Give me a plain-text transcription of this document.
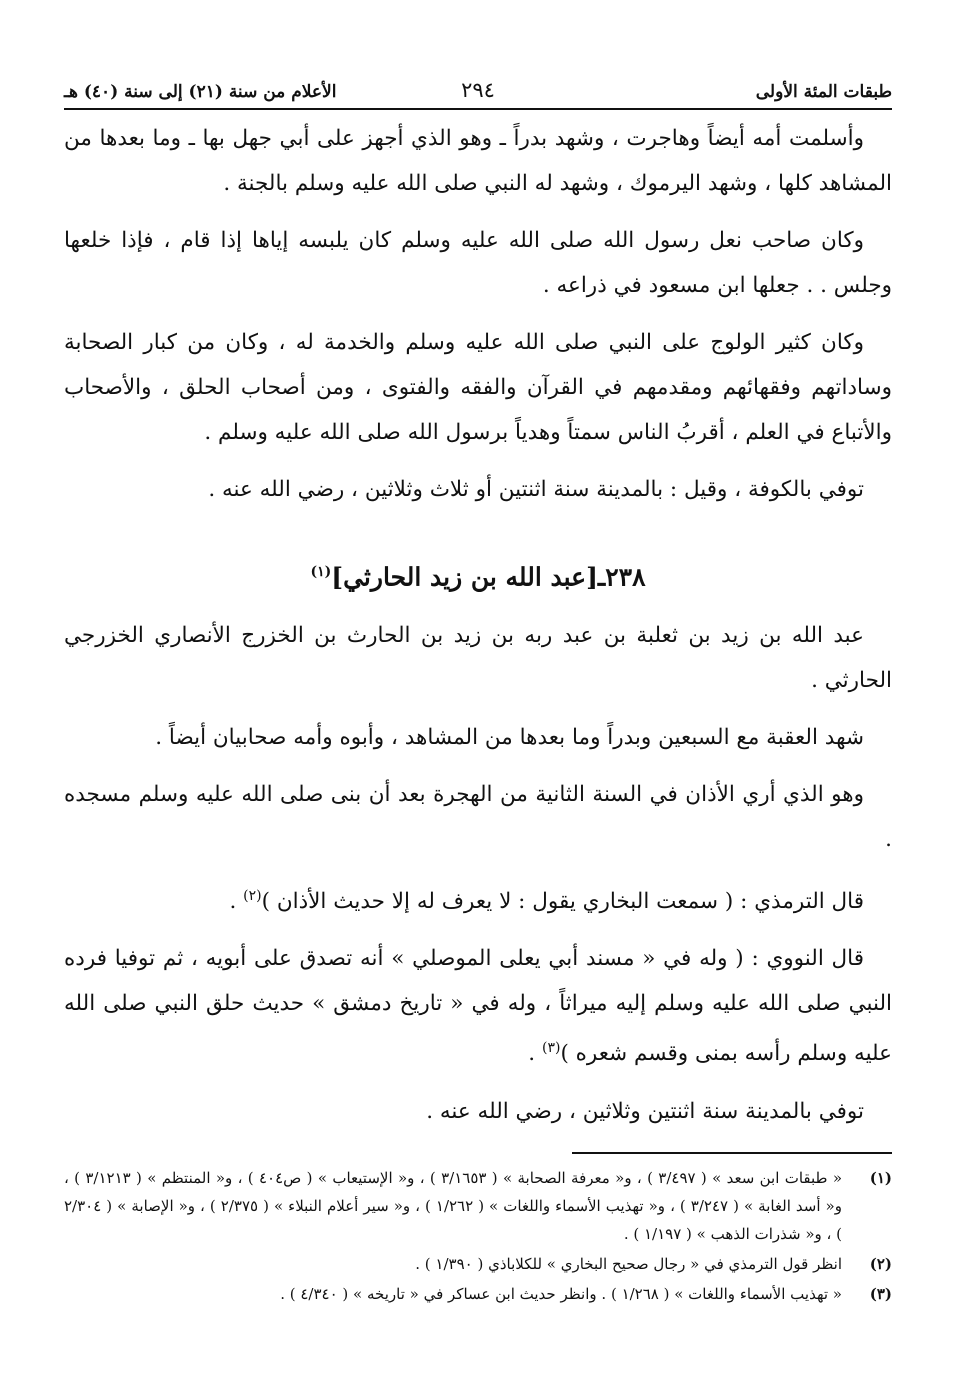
طبقات المئة الأولى
٢٩٤
الأعلام من سنة (٢١) إلى سنة (٤٠) هـ

وأسلمت أمه أيضاً وهاجرت ، وشهد بدراً ـ وهو الذي أجهز على أبي جهل بها ـ وما بعدها من المشاهد كلها ، وشهد اليرموك ، وشهد له النبي صلى الله عليه وسلم بالجنة .

وكان صاحب نعل رسول الله صلى الله عليه وسلم كان يلبسه إياها إذا قام ، فإذا خلعها وجلس . . جعلها ابن مسعود في ذراعه .

وكان كثير الولوج على النبي صلى الله عليه وسلم والخدمة له ، وكان من كبار الصحابة وساداتهم وفقهائهم ومقدمهم في القرآن والفقه والفتوى ، ومن أصحاب الحلق ، والأصحاب والأتباع في العلم ، أقربُ الناس سمتاً وهدياً برسول الله صلى الله عليه وسلم .

توفي بالكوفة ، وقيل : بالمدينة سنة اثنتين أو ثلاث وثلاثين ، رضي الله عنه .

٢٣٨ـ[عبد الله بن زيد الحارثي]$^{(١)}$

عبد الله بن زيد بن ثعلبة بن عبد ربه بن زيد بن الحارث بن الخزرج الأنصاري الخزرجي الحارثي .

شهد العقبة مع السبعين وبدراً وما بعدها من المشاهد ، وأبوه وأمه صحابيان أيضاً .

وهو الذي أري الأذان في السنة الثانية من الهجرة بعد أن بنى صلى الله عليه وسلم مسجده .

قال الترمذي : ( سمعت البخاري يقول : لا يعرف له إلا حديث الأذان )$^{(٢)}$ .

قال النووي : ( وله في « مسند أبي يعلى الموصلي » أنه تصدق على أبويه ، ثم توفيا فرده النبي صلى الله عليه وسلم إليه ميراثاً ، وله في « تاريخ دمشق » حديث حلق النبي صلى الله عليه وسلم رأسه بمنى وقسم شعره )$^{(٣)}$ .

توفي بالمدينة سنة اثنتين وثلاثين ، رضي الله عنه .

(١)
« طبقات ابن سعد » ( ٣/٤٩٧ ) ، و« معرفة الصحابة » ( ٣/١٦٥٣ ) ، و« الإستيعاب » ( ص٤٠٤ ) ، و« المنتظم » ( ٣/١٢١٣ ) ، و« أسد الغابة » ( ٣/٢٤٧ ) ، و« تهذيب الأسماء واللغات » ( ١/٢٦٢ ) ، و« سير أعلام النبلاء » ( ٢/٣٧٥ ) ، و« الإصابة » ( ٢/٣٠٤ ) ، و« شذرات الذهب » ( ١/١٩٧ ) .
(٢)
انظر قول الترمذي في « رجال صحيح البخاري » للكلاباذي ( ١/٣٩٠ ) .
(٣)
« تهذيب الأسماء واللغات » ( ١/٢٦٨ ) . وانظر حديث ابن عساكر في « تاريخه » ( ٤/٣٤٠ ) .
